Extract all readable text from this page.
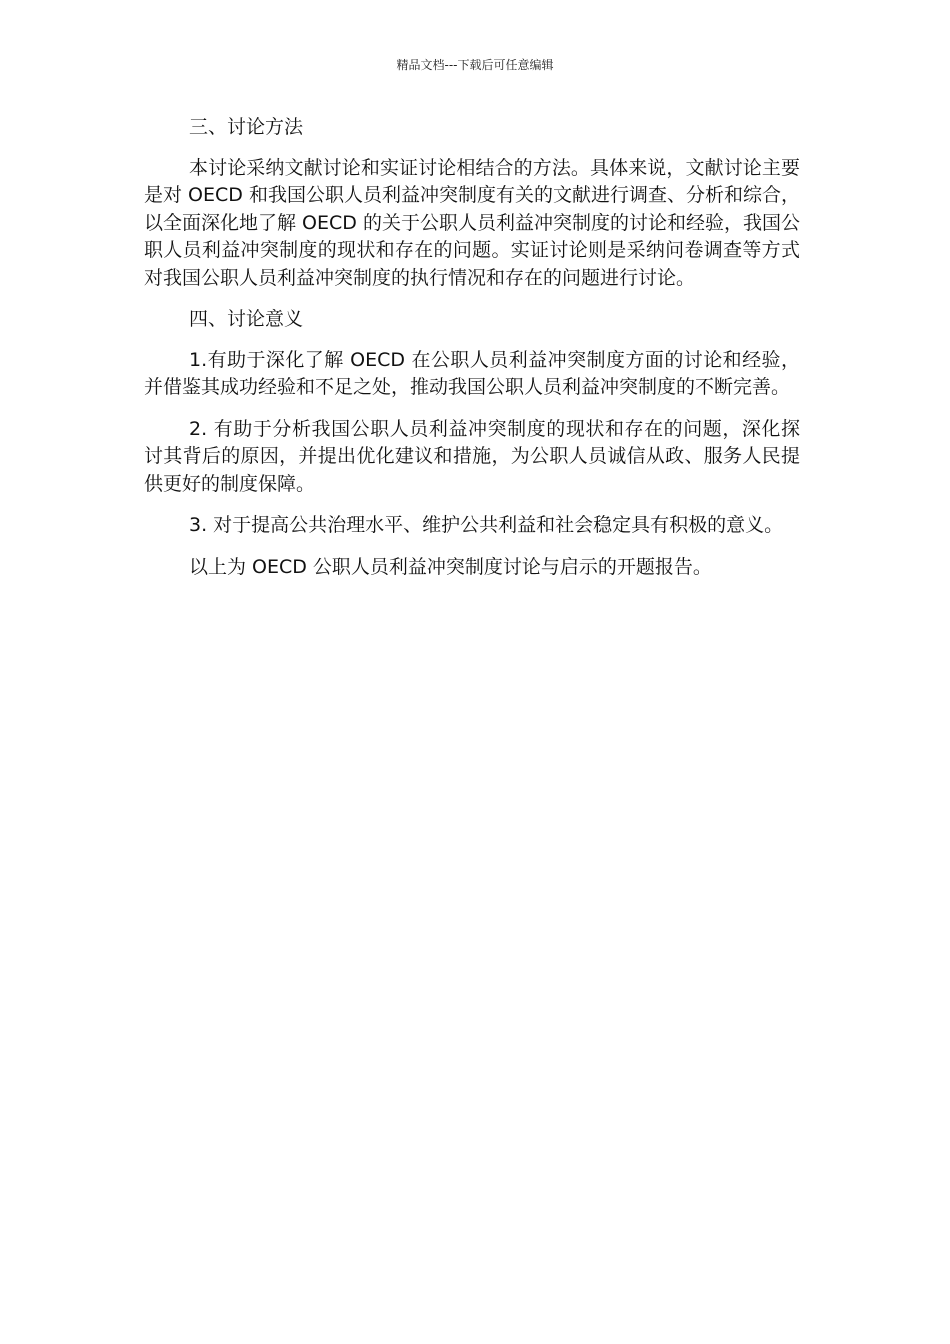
精品文档---下载后可任意编辑

三、讨论方法

本讨论采纳文献讨论和实证讨论相结合的方法。具体来说，文献讨论主要是对 OECD 和我国公职人员利益冲突制度有关的文献进行调查、分析和综合，以全面深化地了解 OECD 的关于公职人员利益冲突制度的讨论和经验，我国公职人员利益冲突制度的现状和存在的问题。实证讨论则是采纳问卷调查等方式对我国公职人员利益冲突制度的执行情况和存在的问题进行讨论。

四、讨论意义

1.有助于深化了解 OECD 在公职人员利益冲突制度方面的讨论和经验，并借鉴其成功经验和不足之处，推动我国公职人员利益冲突制度的不断完善。

2. 有助于分析我国公职人员利益冲突制度的现状和存在的问题，深化探讨其背后的原因，并提出优化建议和措施，为公职人员诚信从政、服务人民提供更好的制度保障。

3. 对于提高公共治理水平、维护公共利益和社会稳定具有积极的意义。

以上为 OECD 公职人员利益冲突制度讨论与启示的开题报告。
